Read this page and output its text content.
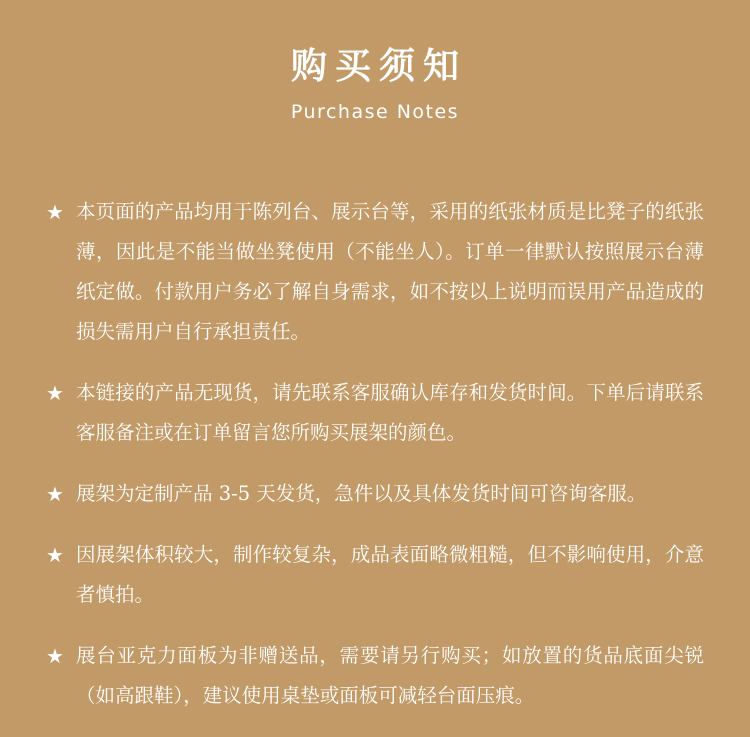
购买须知
Purchase Notes
★ 本页面的产品均用于陈列台、展示台等，采用的纸张材质是比凳子的纸张薄，因此是不能当做坐凳使用（不能坐人）。订单一律默认按照展示台薄纸定做。付款用户务必了解自身需求，如不按以上说明而误用产品造成的损失需用户自行承担责任。
★ 本链接的产品无现货，请先联系客服确认库存和发货时间。下单后请联系客服备注或在订单留言您所购买展架的颜色。
★ 展架为定制产品 3-5 天发货，急件以及具体发货时间可咨询客服。
★ 因展架体积较大，制作较复杂，成品表面略微粗糙，但不影响使用，介意者慎拍。
★ 展台亚克力面板为非赠送品，需要请另行购买；如放置的货品底面尖锐（如高跟鞋），建议使用桌垫或面板可减轻台面压痕。
